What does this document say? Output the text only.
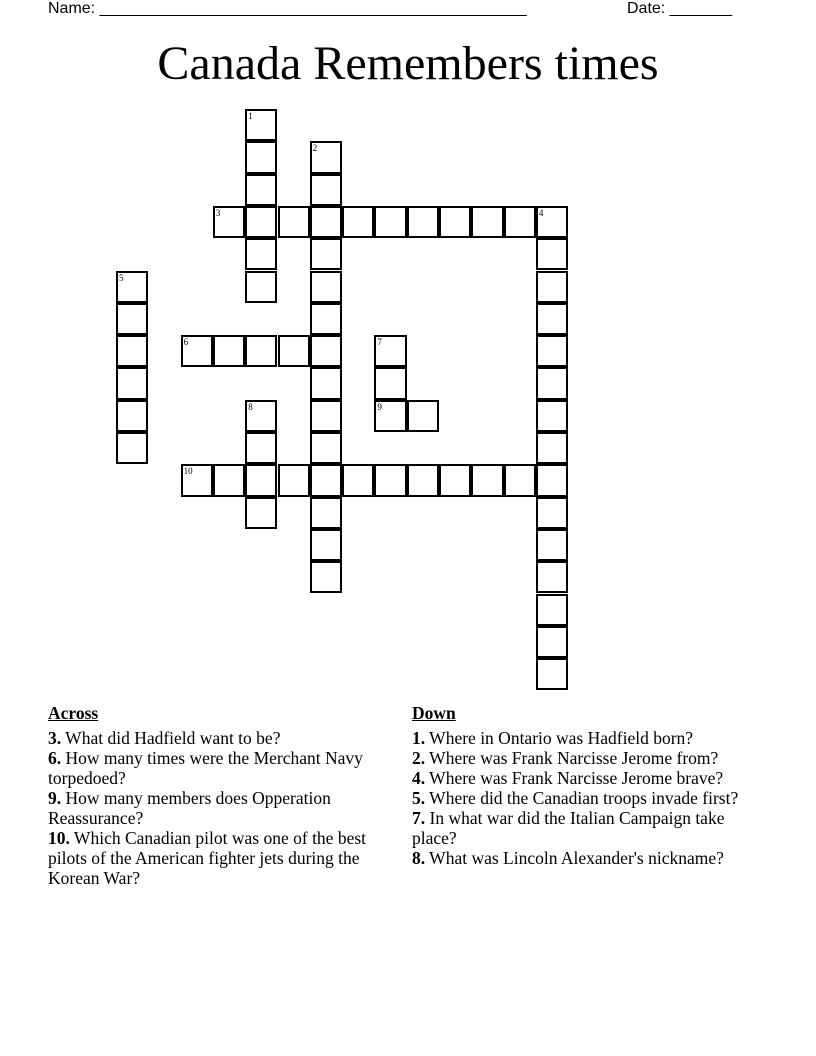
Name: ________________________________________________	Date: _______
Canada Remembers times
1
2
3	4
5
6	7
9
8
10
Across
3. What did Hadfield want to be?
6. How many times were the Merchant Navy torpedoed?
9. How many members does Opperation Reassurance?
10. Which Canadian pilot was one of the best pilots of the American fighter jets during the Korean War?
Down
1. Where in Ontario was Hadfield born?
2. Where was Frank Narcisse Jerome from?
4. Where was Frank Narcisse Jerome brave?
5. Where did the Canadian troops invade first?
7. In what war did the Italian Campaign take place?
8. What was Lincoln Alexander's nickname?
